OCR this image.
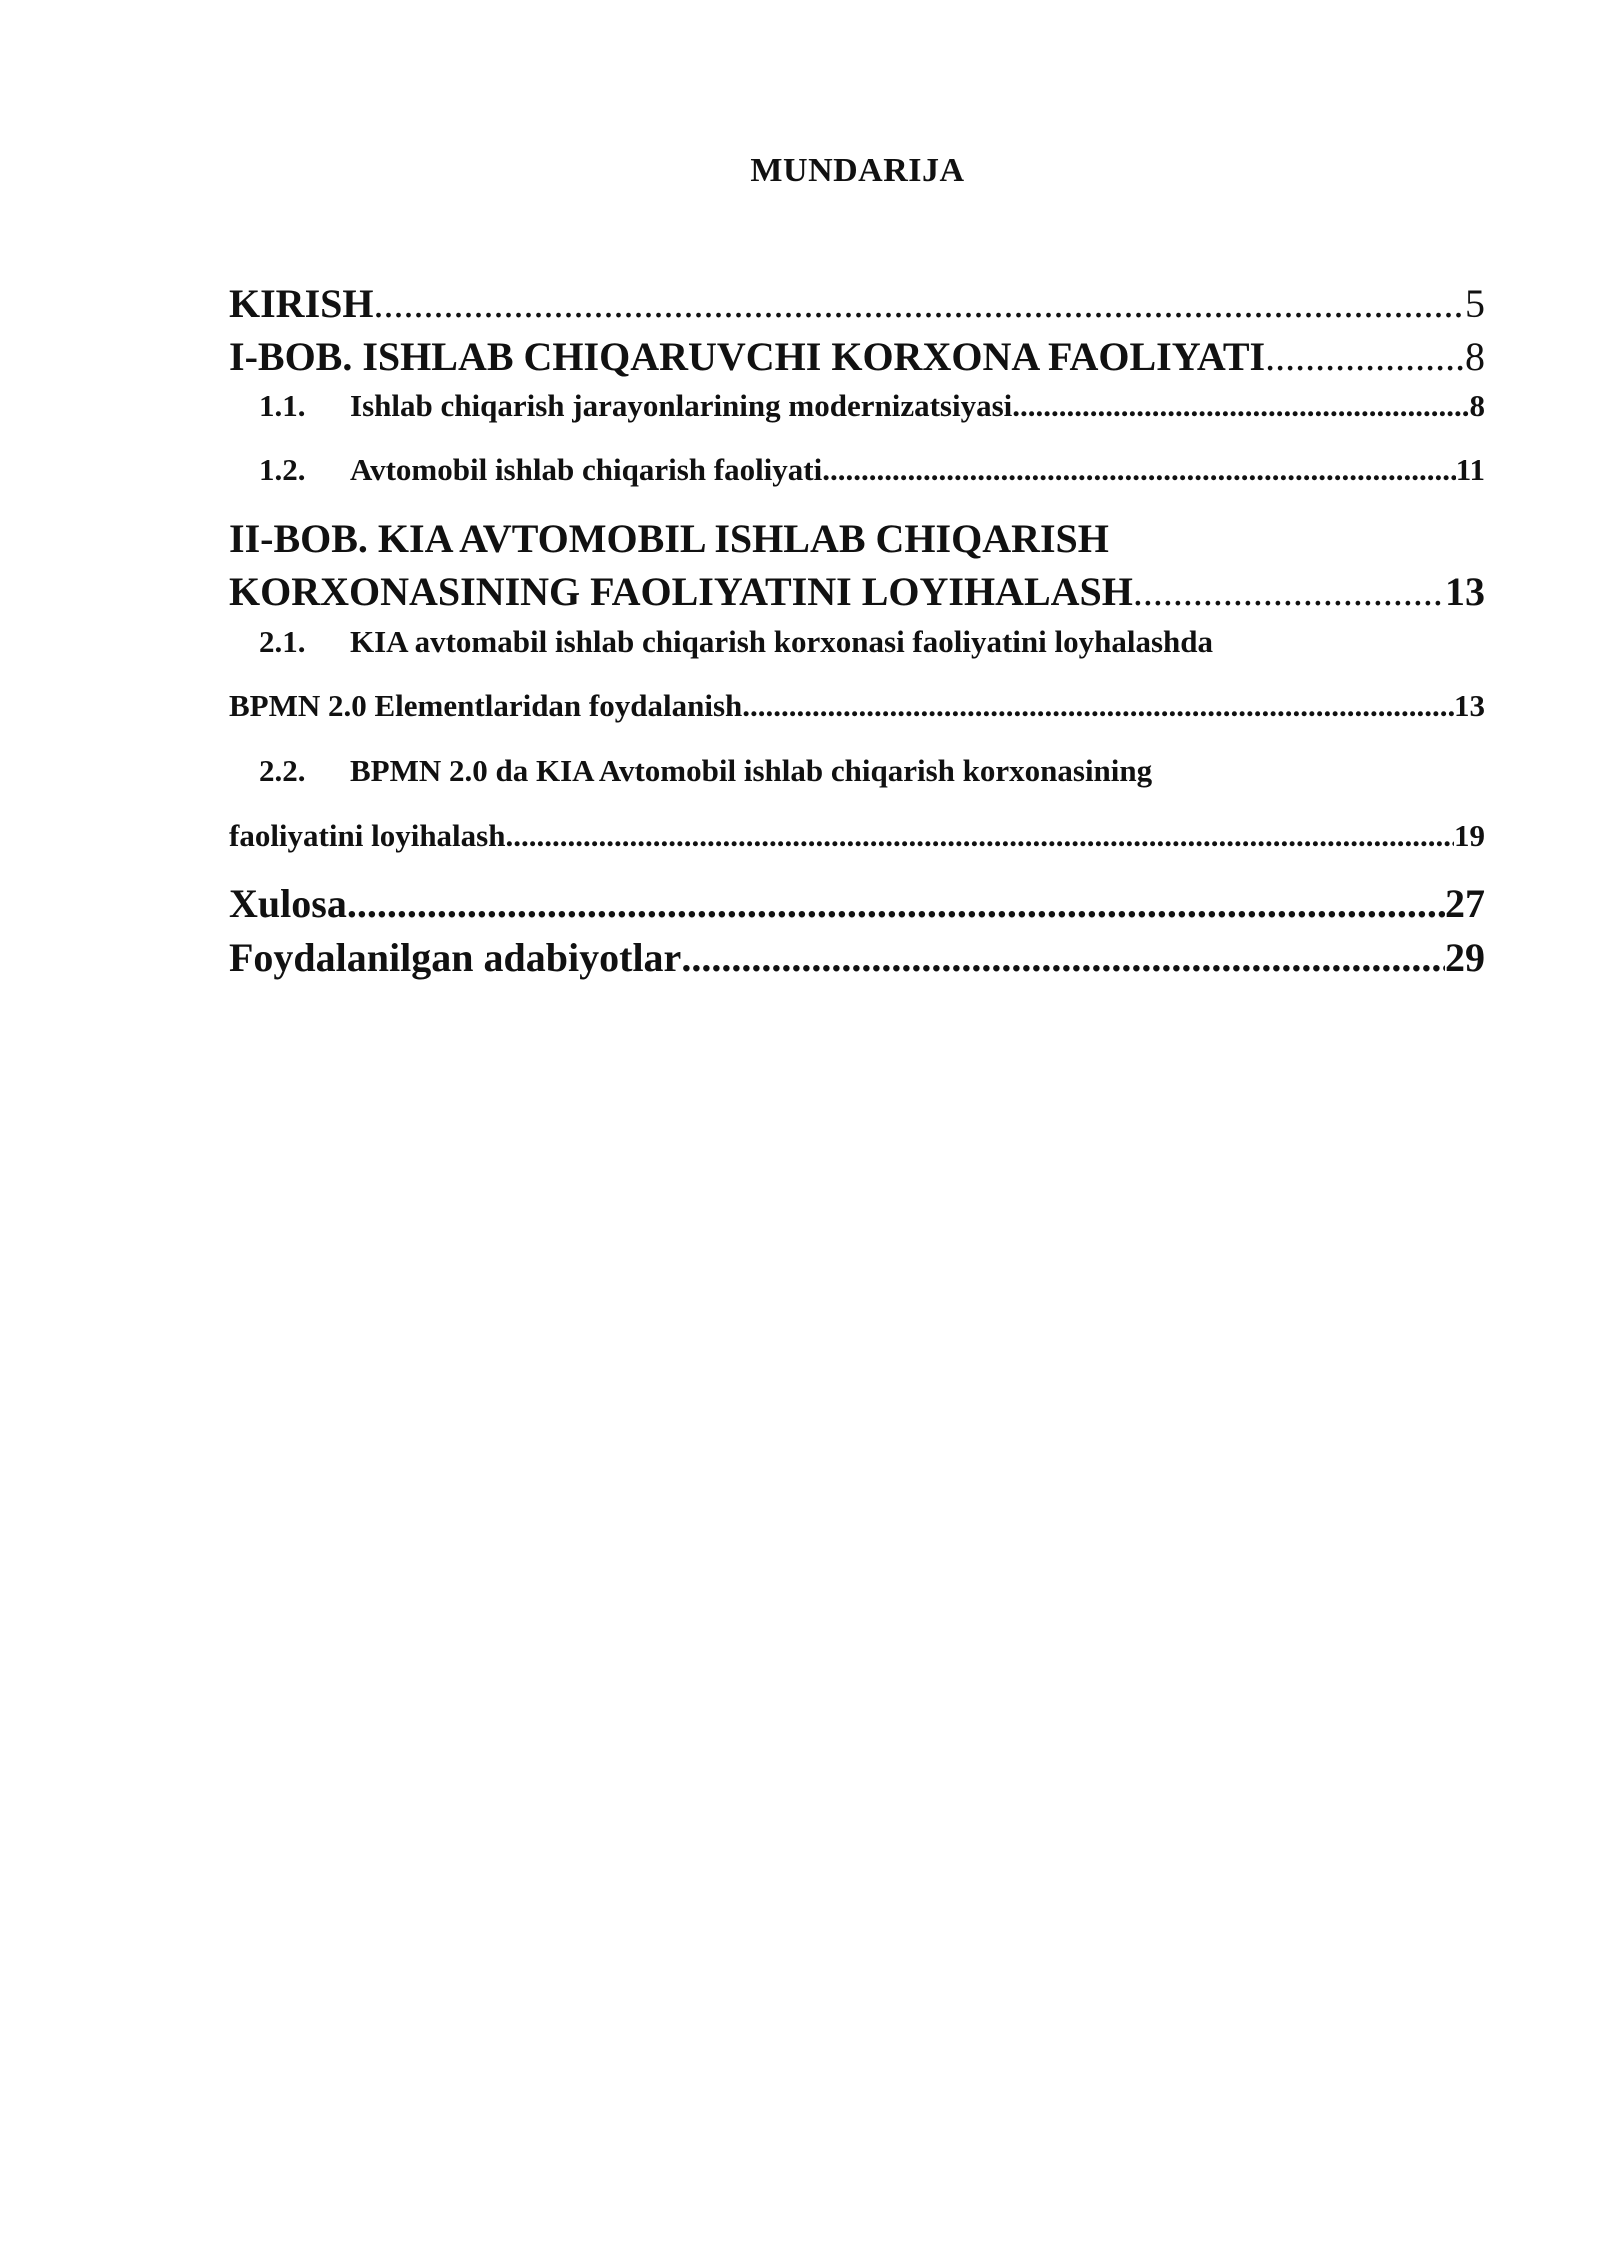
MUNDARIJA
KIRISH .....	5
I-BOB. ISHLAB CHIQARUVCHI KORXONA FAOLIYATI .....	8
1.1.	Ishlab chiqarish jarayonlarining modernizatsiyasi .....	8
1.2.	Avtomobil ishlab chiqarish faoliyati .....	11
II-BOB. KIA AVTOMOBIL ISHLAB CHIQARISH
KORXONASINING FAOLIYATINI LOYIHALASH .....	13
2.1.	KIA avtomabil ishlab chiqarish korxonasi faoliyatini loyhalashda
BPMN 2.0 Elementlaridan foydalanish .....	13
2.2.	BPMN 2.0 da KIA Avtomobil ishlab chiqarish korxonasining
faoliyatini loyihalash .....	19
Xulosa .....	27
Foydalanilgan adabiyotlar .....	29
